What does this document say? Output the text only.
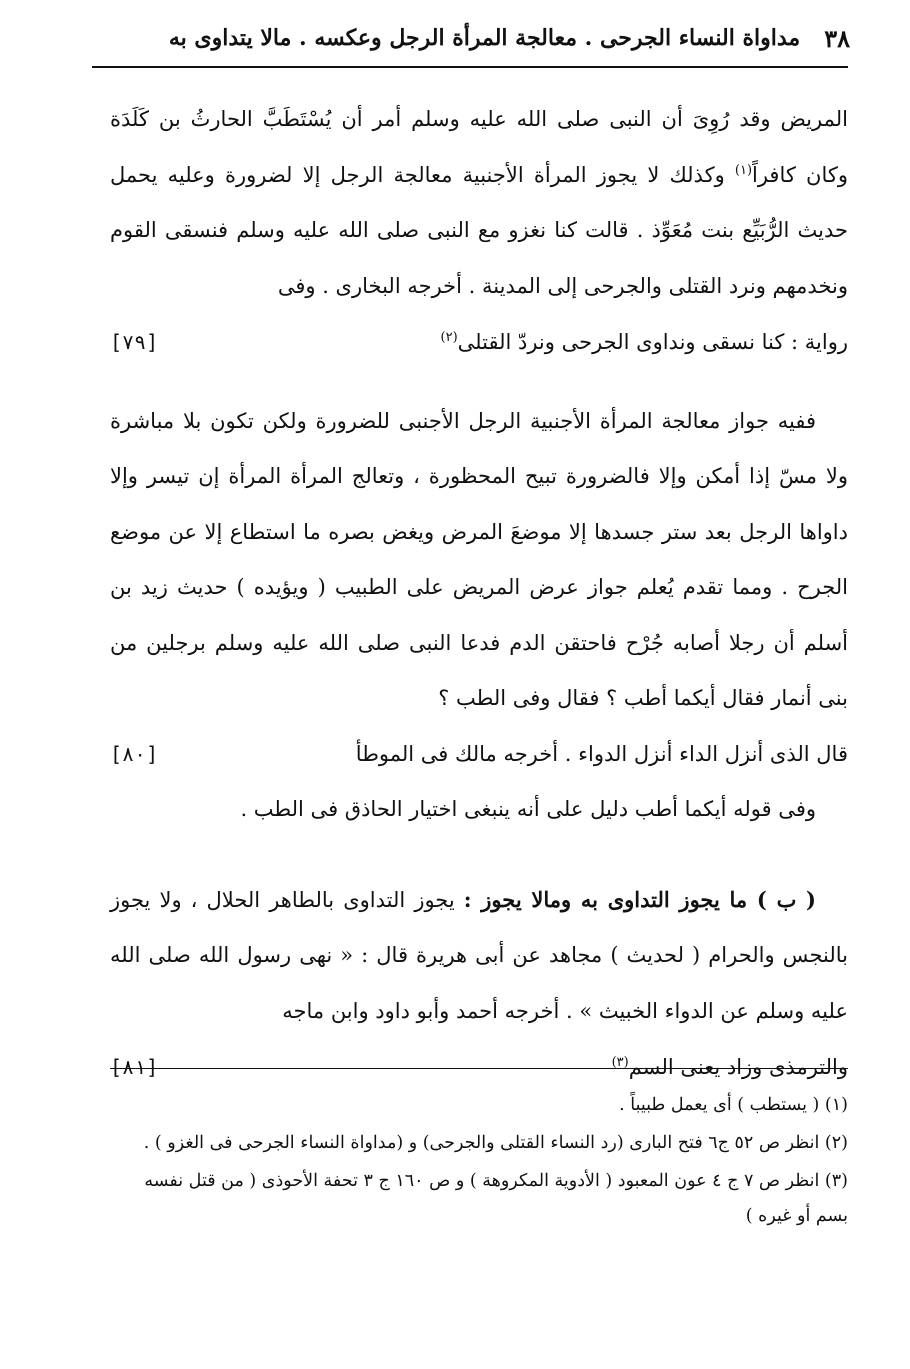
٣٨
مداواة النساء الجرحى . معالجة المرأة الرجل وعكسه . مالا يتداوى به

المريض وقد رُوِىَ أن النبى صلى الله عليه وسلم أمر أن يُسْتَطَبَّ الحارثُ بن كَلَدَة وكان كافراً$^{(١)}$ وكذلك لا يجوز المرأة الأجنبية معالجة الرجل إلا لضرورة وعليه يحمل حديث الرُّبَيِّع بنت مُعَوِّذ . قالت كنا نغزو مع النبى صلى الله عليه وسلم فنسقى القوم ونخدمهم ونرد القتلى والجرحى إلى المدينة . أخرجه البخارى . وفى

رواية : كنا نسقى ونداوى الجرحى ونردّ القتلى$^{(٢)}$
[٧٩]

ففيه جواز معالجة المرأة الأجنبية الرجل الأجنبى للضرورة ولكن تكون بلا مباشرة ولا مسّ إذا أمكن وإلا فالضرورة تبيح المحظورة ، وتعالج المرأة المرأة إن تيسر وإلا داواها الرجل بعد ستر جسدها إلا موضعَ المرض ويغض بصره ما استطاع إلا عن موضع الجرح . ومما تقدم يُعلم جواز عرض المريض على الطبيب ( ويؤيده ) حديث زيد بن أسلم أن رجلا أصابه جُرْح فاحتقن الدم فدعا النبى صلى الله عليه وسلم برجلين من بنى أنمار فقال أيكما أطب ؟ فقال وفى الطب ؟

قال الذى أنزل الداء أنزل الدواء . أخرجه مالك فى الموطأ
[٨٠]

وفى قوله أيكما أطب دليل على أنه ينبغى اختيار الحاذق فى الطب .

( ب ) ما يجوز التداوى به ومالا يجوز : يجوز التداوى بالطاهر الحلال ، ولا يجوز بالنجس والحرام ( لحديث ) مجاهد عن أبى هريرة قال : « نهى رسول الله صلى الله عليه وسلم عن الدواء الخبيث » . أخرجه أحمد وأبو داود وابن ماجه

والترمذى وزاد يعنى السم$^{(٣)}$
[٨١]

(١) ( يستطب ) أى يعمل طبيباً .

(٢) انظر ص ٥٢ ج٦ فتح البارى (رد النساء القتلى والجرحى) و (مداواة النساء الجرحى فى الغزو ) .

(٣) انظر ص ٧ ج ٤ عون المعبود ( الأدوية المكروهة ) و ص ١٦٠ ج ٣ تحفة الأحوذى ( من قتل نفسه بسم أو غيره )
